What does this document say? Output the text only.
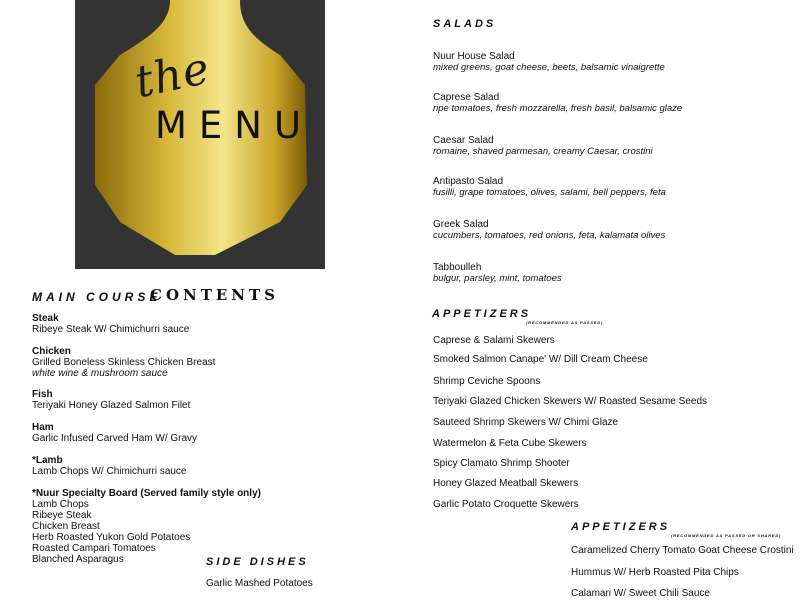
the
MENU
MAIN COURSE
CONTENTS
Steak
Ribeye Steak W/ Chimichurri sauce
Chicken
Grilled Boneless Skinless Chicken Breast
white wine & mushroom sauce
Fish
Teriyaki Honey Glazed Salmon Filet
Ham
Garlic Infused Carved Ham W/ Gravy
*Lamb
Lamb Chops W/ Chimichurri sauce
*Nuur Specialty Board (Served family style only)
Lamb Chops
Ribeye Steak
Chicken Breast
Herb Roasted Yukon Gold Potatoes
Roasted Campari Tomatoes
Blanched Asparagus	SIDE DISHES
Garlic Mashed Potatoes
SALADS
Nuur House Salad
mixed greens, goat cheese, beets, balsamic vinaigrette
Caprese Salad
ripe tomatoes, fresh mozzarella, fresh basil, balsamic glaze
Caesar Salad
romaine, shaved parmesan, creamy Caesar, crostini
Antipasto Salad
fusilli, grape tomatoes, olives, salami, bell peppers, feta
Greek Salad
cucumbers, tomatoes, red onions, feta, kalamata olives
Tabboulleh
bulgur, parsley, mint, tomatoes
APPETIZERS
(RECOMMENDED AS PASSED)
Caprese & Salami Skewers
Smoked Salmon Canape' W/ Dill Cream Cheese
Shrimp Ceviche Spoons
Teriyaki Glazed Chicken Skewers W/ Roasted Sesame Seeds
Sauteed Shrimp Skewers W/ Chimi Glaze
Watermelon & Feta Cube Skewers
Spicy Clamato Shrimp Shooter
Honey Glazed Meatball Skewers
Garlic Potato Croquette Skewers
APPETIZERS
(RECOMMENDED AS PASSED OR SHARED)
Caramelized Cherry Tomato Goat Cheese Crostini
Hummus W/ Herb Roasted Pita Chips
Calamari W/ Sweet Chili Sauce
